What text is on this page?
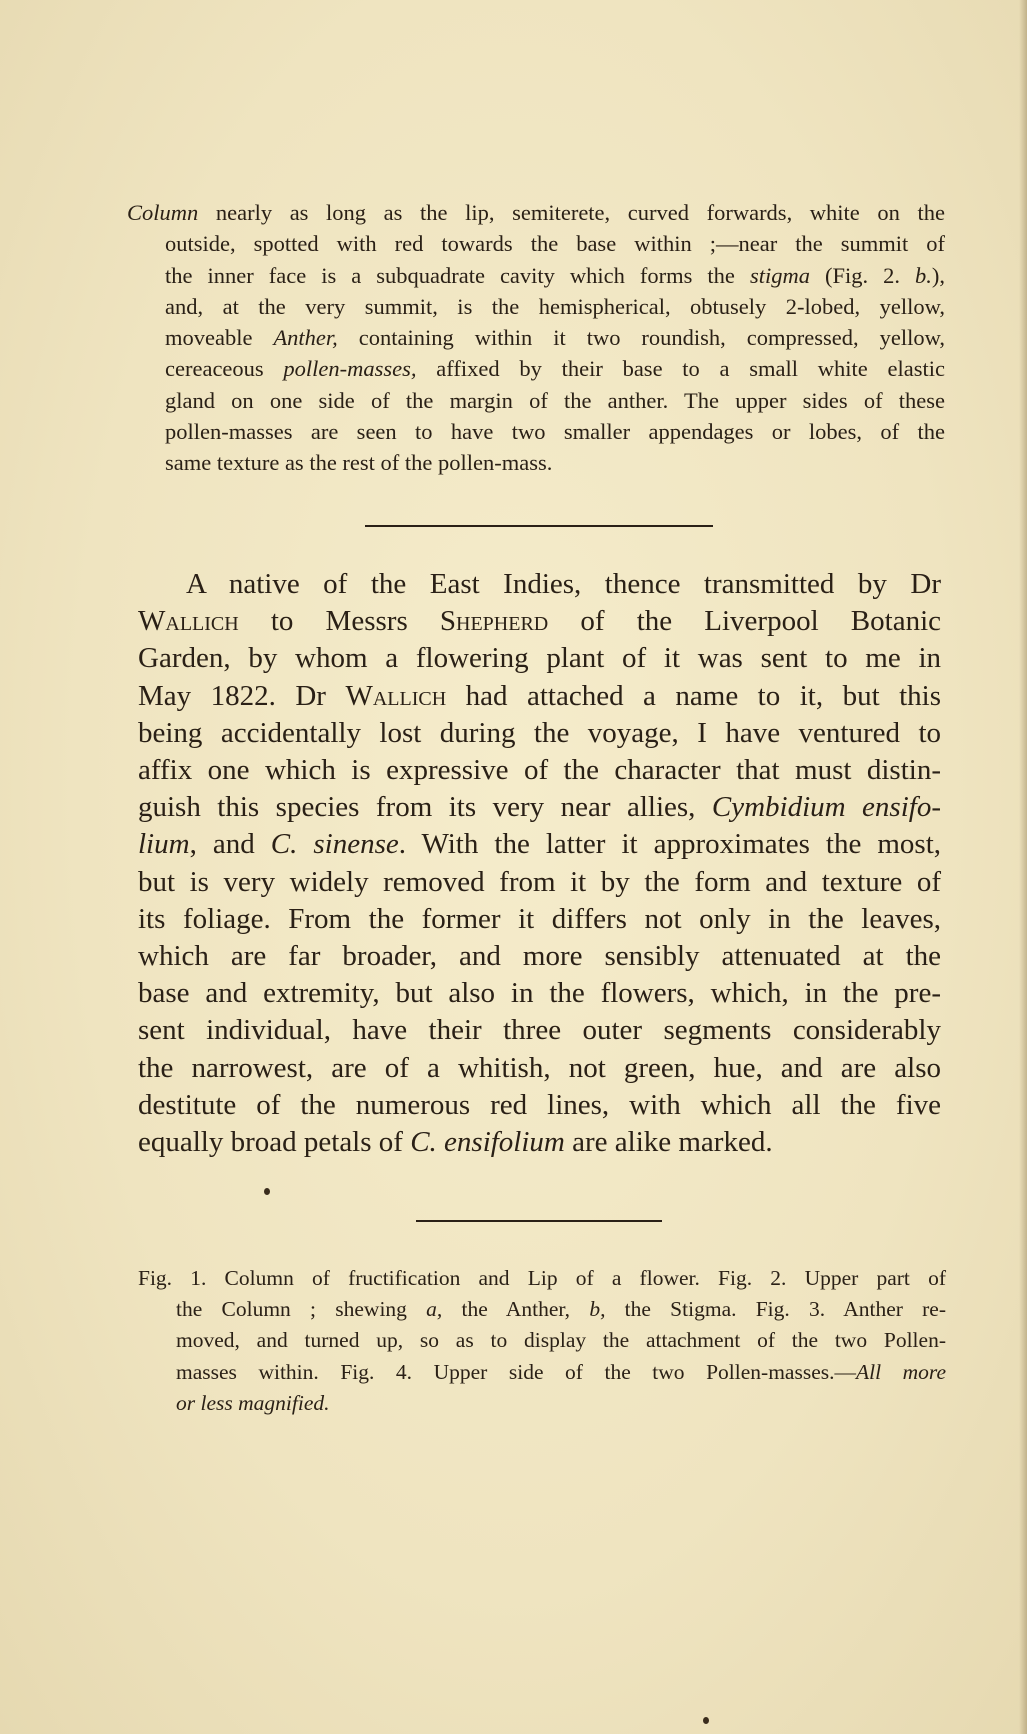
Column nearly as long as the lip, semiterete, curved forwards, white on the
outside, spotted with red towards the base within ;—near the summit of
the inner face is a subquadrate cavity which forms the stigma (Fig. 2. b.),
and, at the very summit, is the hemispherical, obtusely 2-lobed, yellow,
moveable Anther, containing within it two roundish, compressed, yellow,
cereaceous pollen-masses, affixed by their base to a small white elastic
gland on one side of the margin of the anther. The upper sides of these
pollen-masses are seen to have two smaller appendages or lobes, of the
same texture as the rest of the pollen-mass.
A native of the East Indies, thence transmitted by Dr
Wallich to Messrs Shepherd of the Liverpool Botanic
Garden, by whom a flowering plant of it was sent to me in
May 1822. Dr Wallich had attached a name to it, but this
being accidentally lost during the voyage, I have ventured to
affix one which is expressive of the character that must distin-
guish this species from its very near allies, Cymbidium ensifo-
lium, and C. sinense. With the latter it approximates the most,
but is very widely removed from it by the form and texture of
its foliage. From the former it differs not only in the leaves,
which are far broader, and more sensibly attenuated at the
base and extremity, but also in the flowers, which, in the pre-
sent individual, have their three outer segments considerably
the narrowest, are of a whitish, not green, hue, and are also
destitute of the numerous red lines, with which all the five
equally broad petals of C. ensifolium are alike marked.
Fig. 1. Column of fructification and Lip of a flower. Fig. 2. Upper part of
the Column ; shewing a, the Anther, b, the Stigma. Fig. 3. Anther re-
moved, and turned up, so as to display the attachment of the two Pollen-
masses within. Fig. 4. Upper side of the two Pollen-masses.—All more
or less magnified.
